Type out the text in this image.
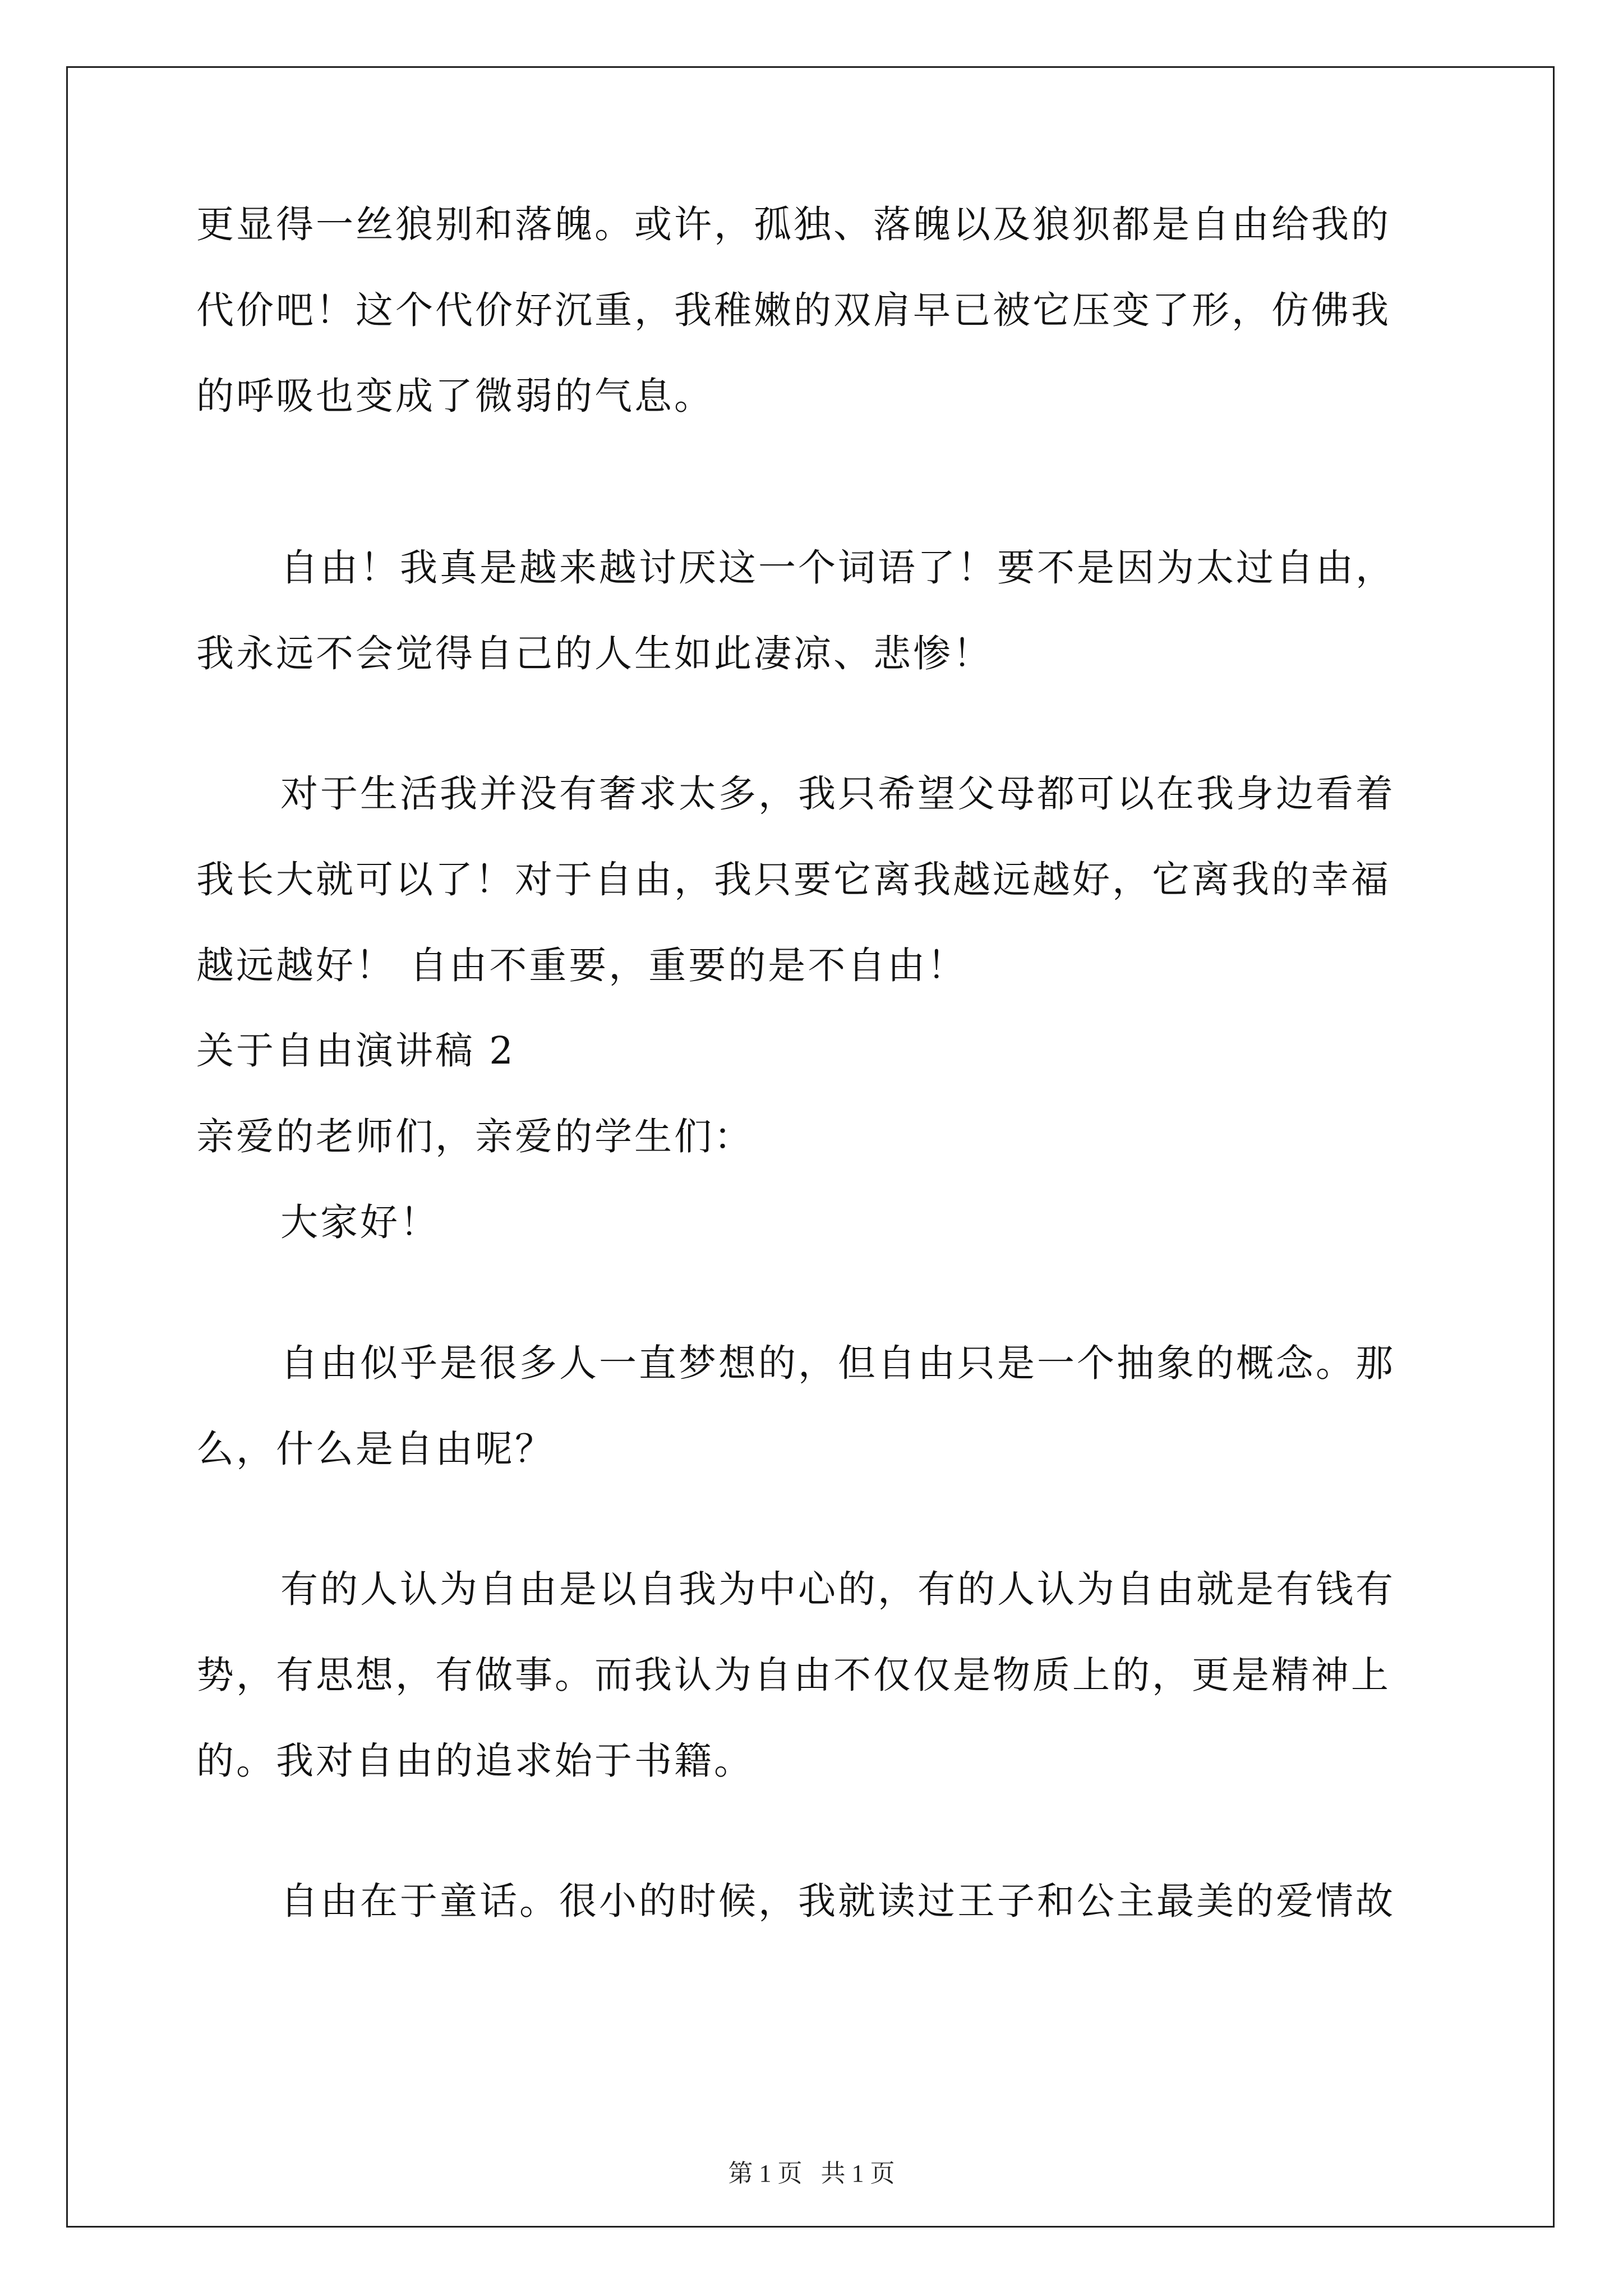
更显得一丝狼别和落魄。或许，孤独、落魄以及狼狈都是自由给我的
代价吧！这个代价好沉重，我稚嫩的双肩早已被它压变了形，仿佛我
的呼吸也变成了微弱的气息。
自由！我真是越来越讨厌这一个词语了！要不是因为太过自由，
我永远不会觉得自己的人生如此凄凉、悲惨！
对于生活我并没有奢求太多，我只希望父母都可以在我身边看着
我长大就可以了！对于自由，我只要它离我越远越好，它离我的幸福
越远越好！ 自由不重要，重要的是不自由！
关于自由演讲稿 2
亲爱的老师们，亲爱的学生们：
大家好！
自由似乎是很多人一直梦想的，但自由只是一个抽象的概念。那
么，什么是自由呢？
有的人认为自由是以自我为中心的，有的人认为自由就是有钱有
势，有思想，有做事。而我认为自由不仅仅是物质上的，更是精神上
的。我对自由的追求始于书籍。
自由在于童话。很小的时候，我就读过王子和公主最美的爱情故
第 1 页   共 1 页
